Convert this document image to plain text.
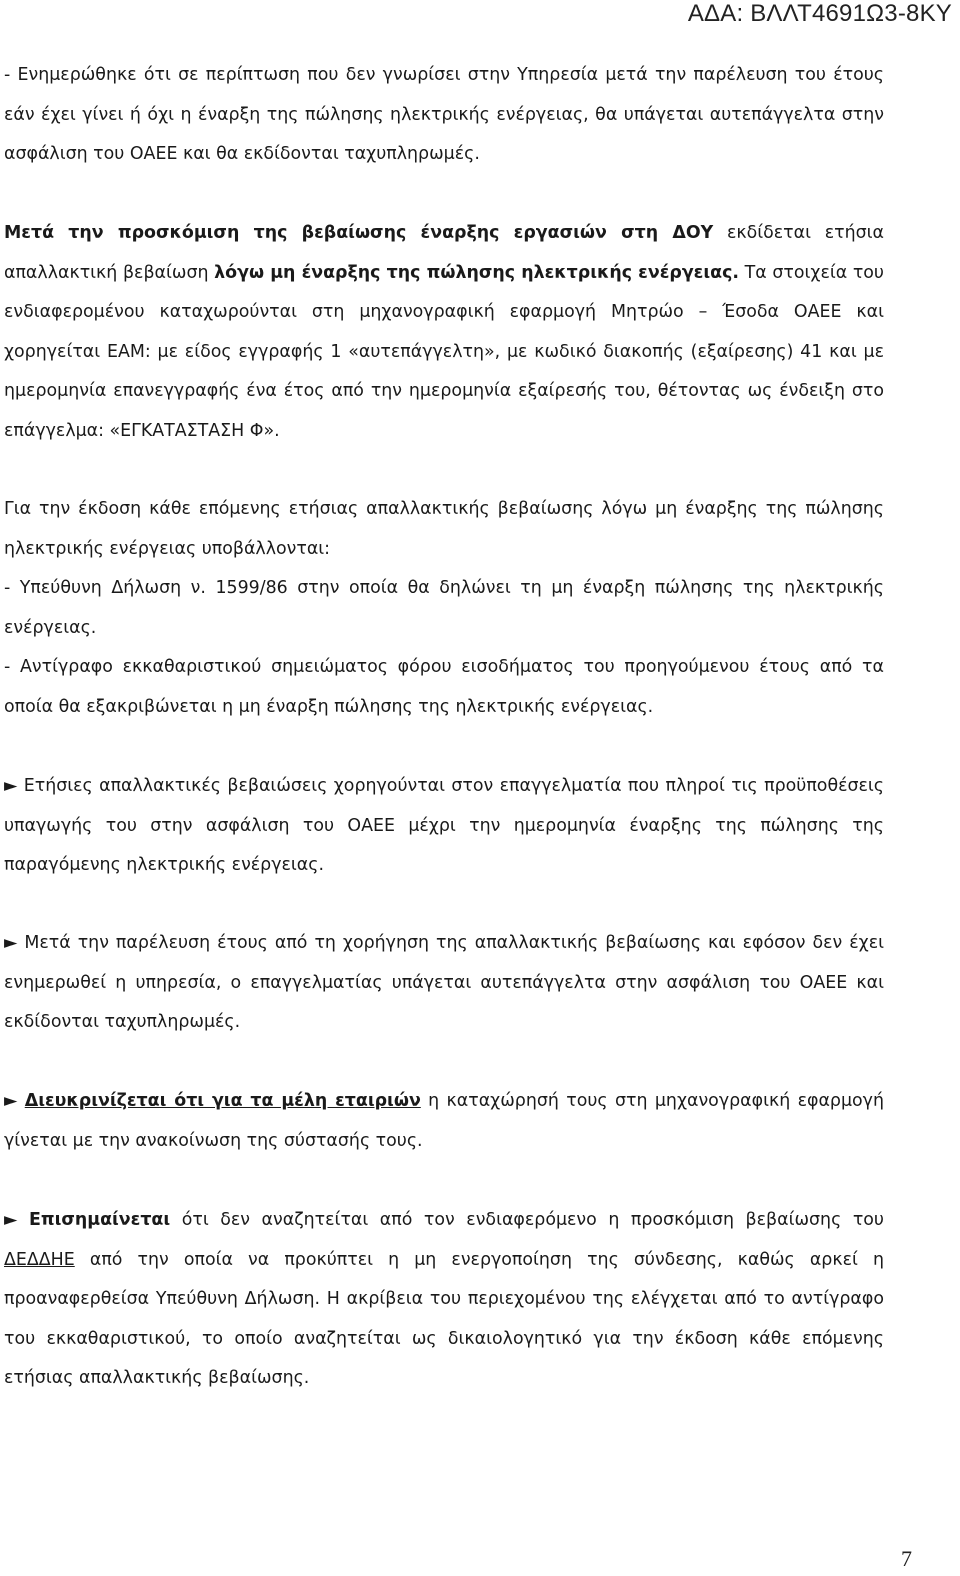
ΑΔΑ: ΒΛΛΤ4691Ω3-8ΚΥ

- Ενημερώθηκε ότι σε περίπτωση που δεν γνωρίσει στην Υπηρεσία μετά την παρέλευση του έτους εάν έχει γίνει ή όχι η έναρξη της πώλησης ηλεκτρικής ενέργειας, θα υπάγεται αυτεπάγγελτα στην ασφάλιση του ΟΑΕΕ και θα εκδίδονται ταχυπληρωμές.

Μετά την προσκόμιση της βεβαίωσης έναρξης εργασιών στη ΔΟΥ εκδίδεται ετήσια απαλλακτική βεβαίωση λόγω μη έναρξης της πώλησης ηλεκτρικής ενέργειας. Τα στοιχεία του ενδιαφερομένου καταχωρούνται στη μηχανογραφική εφαρμογή Μητρώο – Έσοδα ΟΑΕΕ και χορηγείται ΕΑΜ: με είδος εγγραφής 1 «αυτεπάγγελτη», με κωδικό διακοπής (εξαίρεσης) 41 και με ημερομηνία επανεγγραφής ένα έτος από την ημερομηνία εξαίρεσής του, θέτοντας ως ένδειξη στο επάγγελμα: «ΕΓΚΑΤΑΣΤΑΣΗ Φ».

Για την έκδοση κάθε επόμενης ετήσιας απαλλακτικής βεβαίωσης λόγω μη έναρξης της πώλησης ηλεκτρικής ενέργειας υποβάλλονται:
- Υπεύθυνη Δήλωση ν. 1599/86 στην οποία θα δηλώνει τη μη έναρξη πώλησης της ηλεκτρικής ενέργειας.
- Αντίγραφο εκκαθαριστικού σημειώματος φόρου εισοδήματος του προηγούμενου έτους από τα οποία θα εξακριβώνεται η μη έναρξη πώλησης της ηλεκτρικής ενέργειας.

► Ετήσιες απαλλακτικές βεβαιώσεις χορηγούνται στον επαγγελματία που πληροί τις προϋποθέσεις υπαγωγής του στην ασφάλιση του ΟΑΕΕ μέχρι την ημερομηνία έναρξης της πώλησης της παραγόμενης ηλεκτρικής ενέργειας.

► Μετά την παρέλευση έτους από τη χορήγηση της απαλλακτικής βεβαίωσης και εφόσον δεν έχει ενημερωθεί η υπηρεσία, ο επαγγελματίας υπάγεται αυτεπάγγελτα στην ασφάλιση του ΟΑΕΕ και εκδίδονται ταχυπληρωμές.

► Διευκρινίζεται ότι για τα μέλη εταιριών η καταχώρησή τους στη μηχανογραφική εφαρμογή γίνεται με την ανακοίνωση της σύστασής τους.

► Επισημαίνεται ότι δεν αναζητείται από τον ενδιαφερόμενο η προσκόμιση βεβαίωσης του ΔΕΔΔΗΕ από την οποία να προκύπτει η μη ενεργοποίηση της σύνδεσης, καθώς αρκεί η προαναφερθείσα Υπεύθυνη Δήλωση. Η ακρίβεια του περιεχομένου της ελέγχεται από το αντίγραφο του εκκαθαριστικού, το οποίο αναζητείται ως δικαιολογητικό για την έκδοση κάθε επόμενης ετήσιας απαλλακτικής βεβαίωσης.

7
